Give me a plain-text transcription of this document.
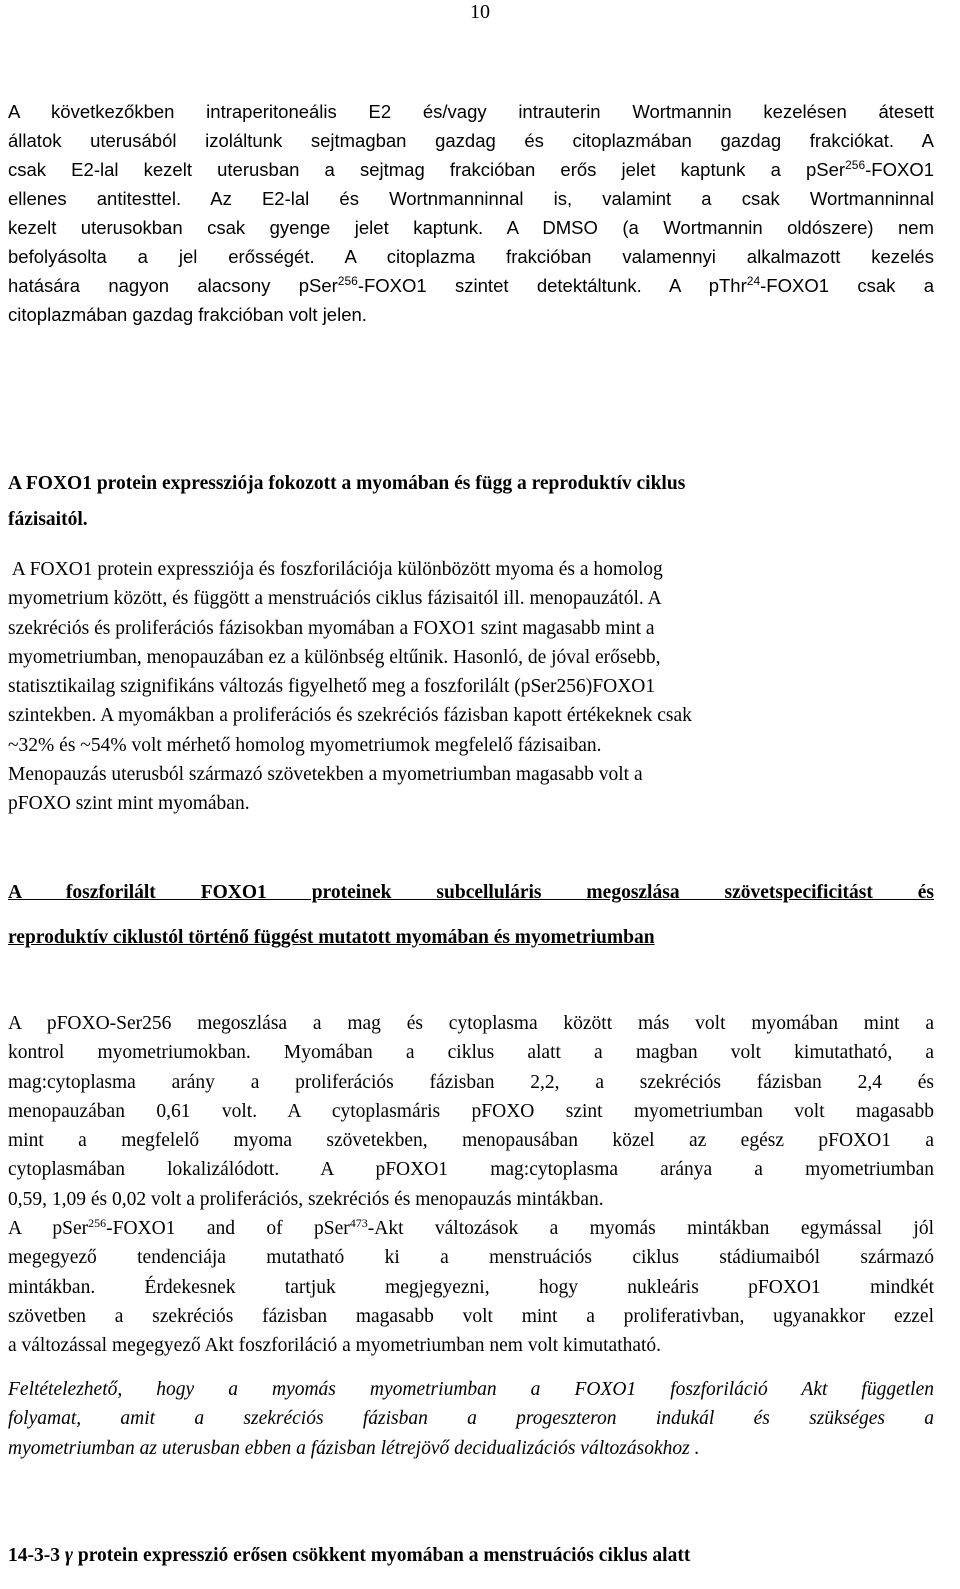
10
A következőkben intraperitoneális E2 és/vagy intrauterin Wortmannin kezelésen átesett
állatok uterusából izoláltunk sejtmagban gazdag és citoplazmában gazdag frakciókat. A
csak E2-lal kezelt uterusban a sejtmag frakcióban erős jelet kaptunk a pSer$^{256}$-FOXO1
ellenes antitesttel. Az E2-lal és Wortnmanninnal is, valamint a csak Wortmanninnal
kezelt uterusokban csak gyenge jelet kaptunk. A DMSO (a Wortmannin oldószere) nem
befolyásolta a jel erősségét. A citoplazma frakcióban valamennyi alkalmazott kezelés
hatására nagyon alacsony pSer$^{256}$-FOXO1 szintet detektáltunk. A pThr$^{24}$-FOXO1 csak a
citoplazmában gazdag frakcióban volt jelen.
A FOXO1 protein expressziója fokozott a myomában és függ a reproduktív ciklus
fázisaitól.
A FOXO1 protein expressziója és foszforilációja különbözött myoma és a homolog
myometrium között, és függött a menstruációs ciklus fázisaitól ill. menopauzától. A
szekréciós és proliferációs fázisokban myomában a FOXO1 szint magasabb mint a
myometriumban, menopauzában ez a különbség eltűnik. Hasonló, de jóval erősebb,
statisztikailag szignifikáns változás figyelhető meg a foszforilált (pSer256)FOXO1
szintekben. A myomákban a proliferációs és szekréciós fázisban kapott értékeknek csak
~32% és ~54% volt mérhető homolog myometriumok megfelelő fázisaiban.
Menopauzás uterusból származó szövetekben a myometriumban magasabb volt a
pFOXO szint mint myomában.
A foszforilált FOXO1 proteinek subcelluláris megoszlása szövetspecificitást és
reproduktív ciklustól történő függést mutatott myomában és myometriumban
A pFOXO-Ser256 megoszlása a mag és cytoplasma között más volt myomában mint a
kontrol myometriumokban. Myomában a ciklus alatt a magban volt kimutatható, a
mag:cytoplasma arány a proliferációs fázisban 2,2, a szekréciós fázisban 2,4 és
menopauzában 0,61 volt. A cytoplasmáris pFOXO szint myometriumban volt magasabb
mint a megfelelő myoma szövetekben, menopausában közel az egész pFOXO1 a
cytoplasmában lokalizálódott. A pFOXO1 mag:cytoplasma aránya a myometriumban
0,59, 1,09 és 0,02 volt a proliferációs, szekréciós és menopauzás mintákban.
A pSer$^{256}$-FOXO1 and of pSer$^{473}$-Akt változások a myomás mintákban egymással jól
megegyező tendenciája mutatható ki a menstruációs ciklus stádiumaiból származó
mintákban. Érdekesnek tartjuk megjegyezni, hogy nukleáris pFOXO1 mindkét
szövetben a szekréciós fázisban magasabb volt mint a proliferativban, ugyanakkor ezzel
a változással megegyező Akt foszforiláció a myometriumban nem volt kimutatható.
Feltételezhető, hogy a myomás myometriumban a FOXO1 foszforiláció Akt független
folyamat, amit a szekréciós fázisban a progeszteron indukál és szükséges a
myometriumban az uterusban ebben a fázisban létrejövő decidualizációs változásokhoz .
14-3-3 γ protein expresszió erősen csökkent myomában a menstruációs ciklus alatt
